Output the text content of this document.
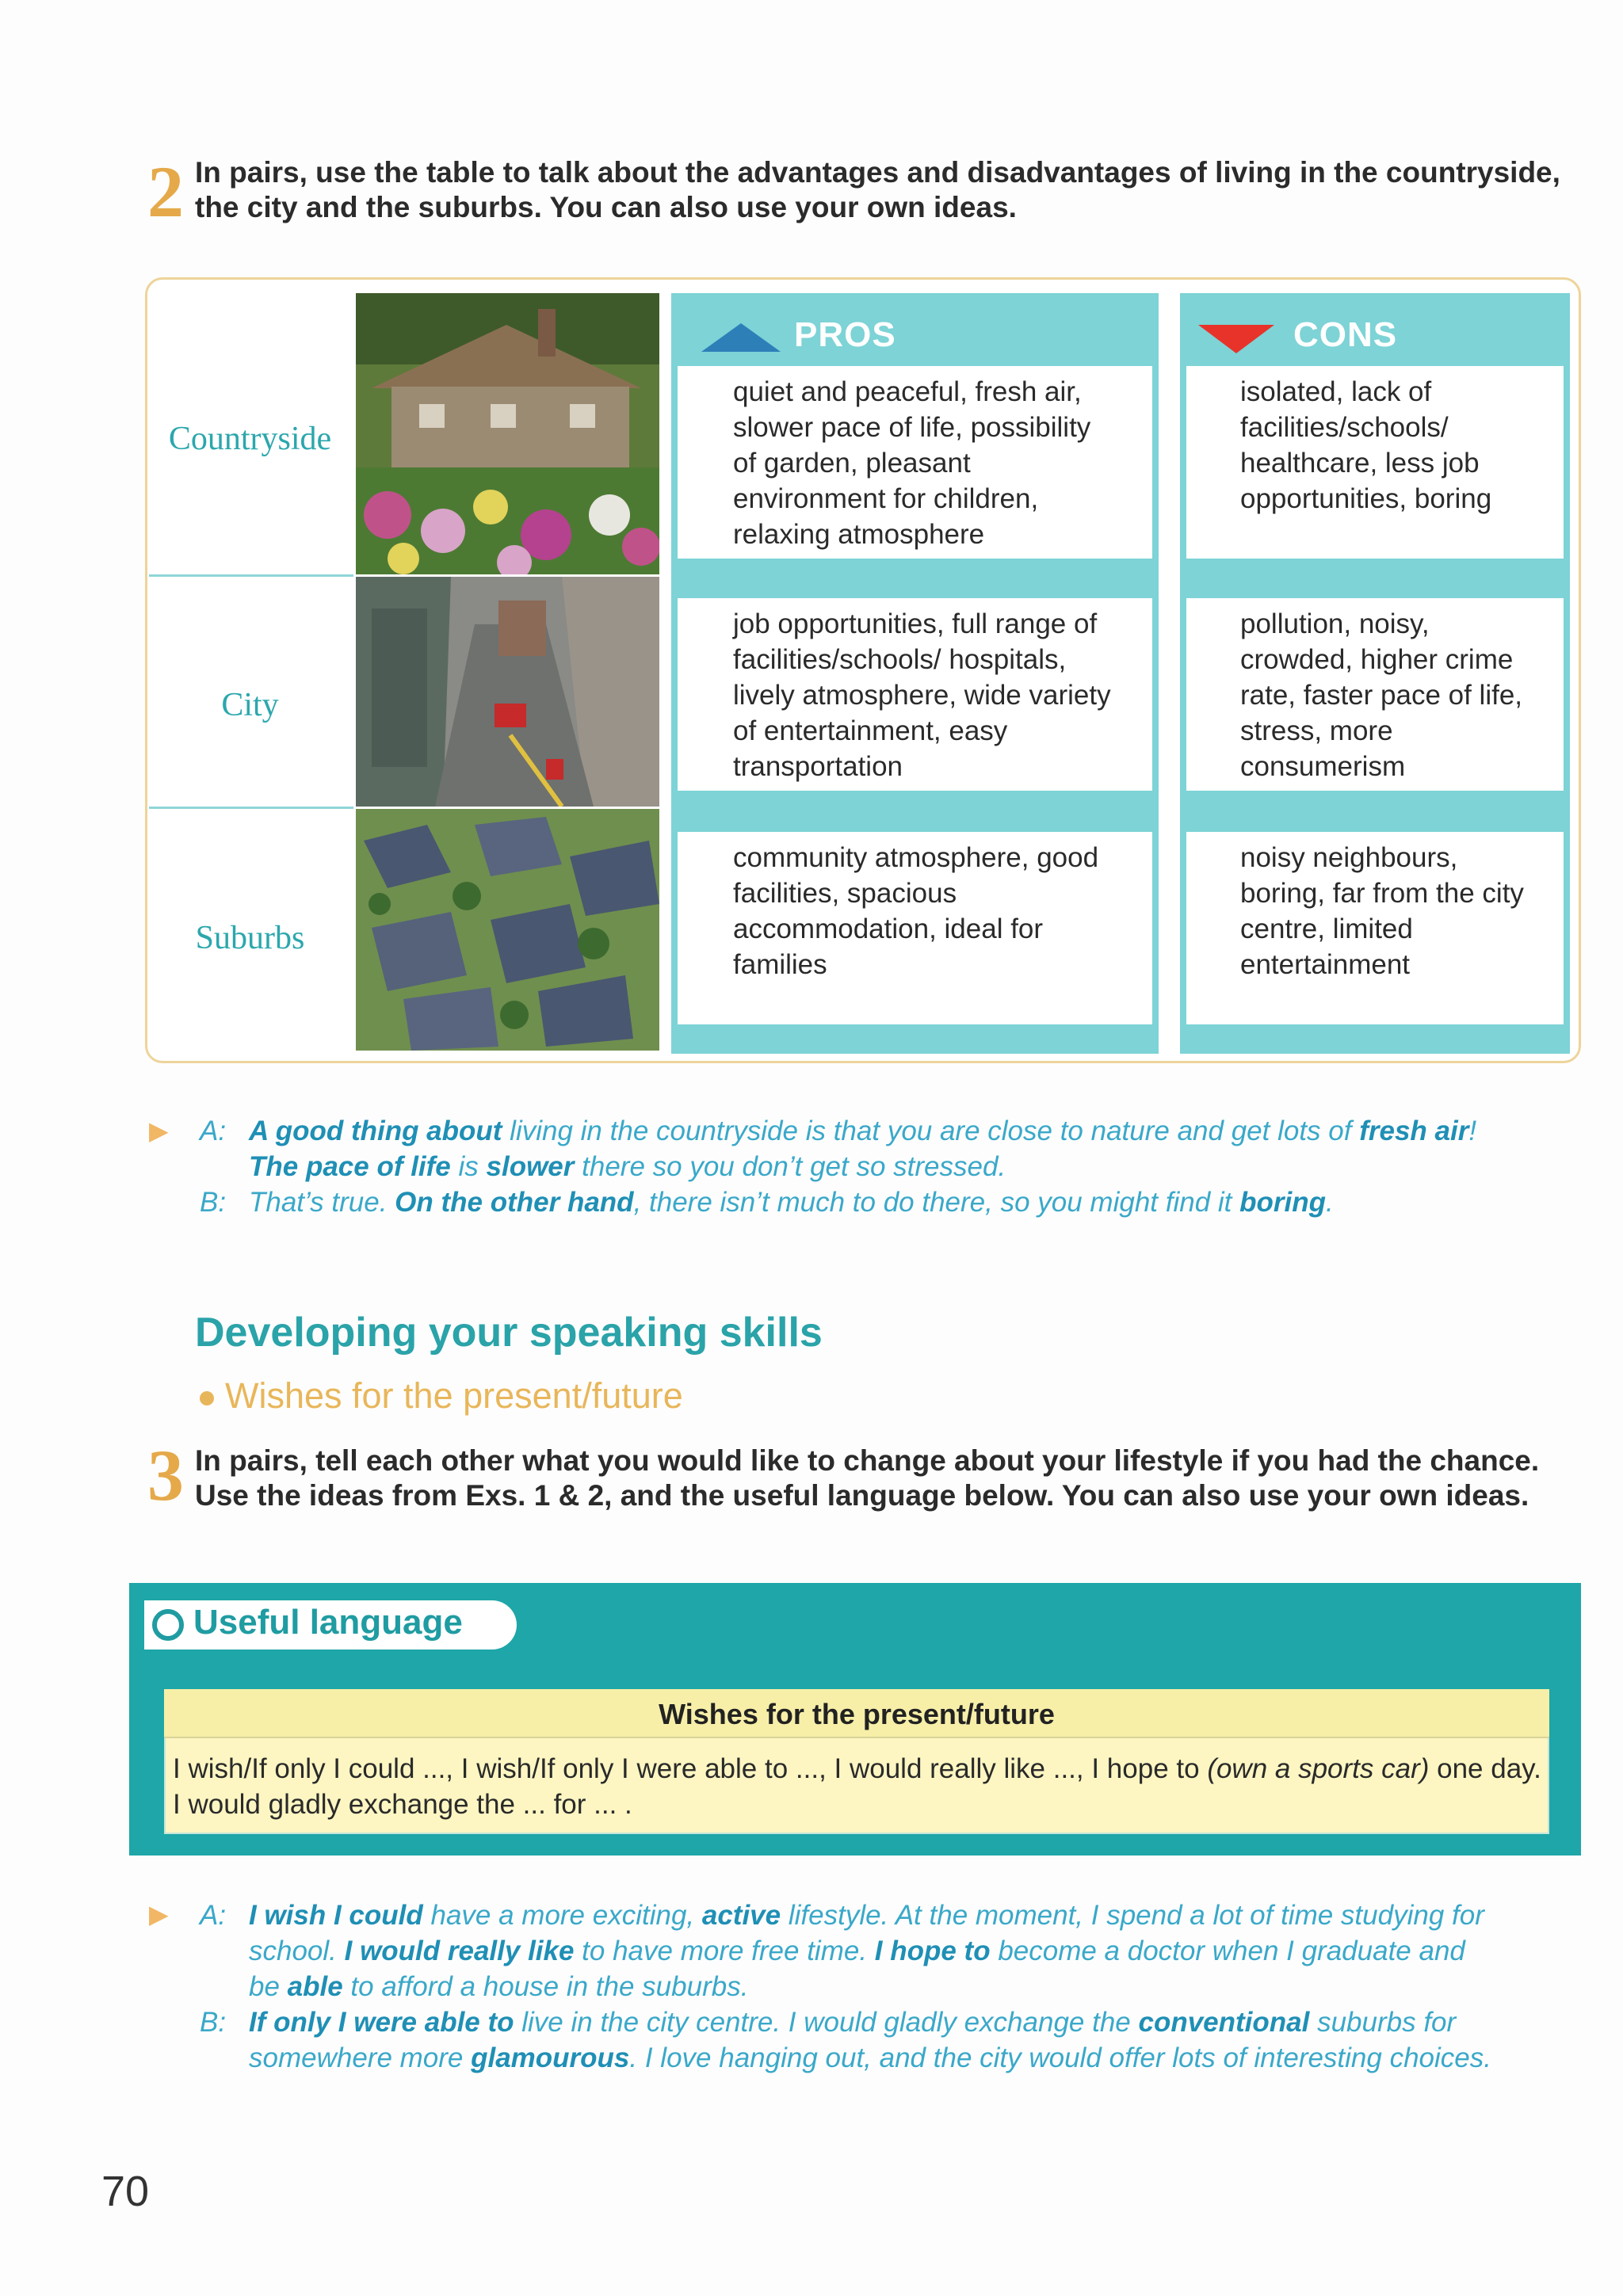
2 In pairs, use the table to talk about the advantages and disadvantages of living in the countryside,
the city and the suburbs. You can also use your own ideas.
Countryside
City
Suburbs
PROS
quiet and peaceful, fresh air,
slower pace of life, possibility
of garden, pleasant
environment for children,
relaxing atmosphere
job opportunities, full range of
facilities/schools/ hospitals,
lively atmosphere, wide variety
of entertainment, easy
transportation
community atmosphere, good
facilities, spacious
accommodation, ideal for
families
CONS
isolated, lack of
facilities/schools/
healthcare, less job
opportunities, boring
pollution, noisy,
crowded, higher crime
rate, faster pace of life,
stress, more
consumerism
noisy neighbours,
boring, far from the city
centre, limited
entertainment
▶ A: A good thing about living in the countryside is that you are close to nature and get lots of fresh air!
The pace of life is slower there so you don’t get so stressed.
B: That’s true. On the other hand, there isn’t much to do there, so you might find it boring.
Developing your speaking skills
Wishes for the present/future
3 In pairs, tell each other what you would like to change about your lifestyle if you had the chance.
Use the ideas from Exs. 1 & 2, and the useful language below. You can also use your own ideas.
Useful language
Wishes for the present/future
I wish/If only I could ..., I wish/If only I were able to ..., I would really like ..., I hope to (own a sports car) one day.
I would gladly exchange the ... for ... .
▶ A: I wish I could have a more exciting, active lifestyle. At the moment, I spend a lot of time studying for
school. I would really like to have more free time. I hope to become a doctor when I graduate and
be able to afford a house in the suburbs.
B: If only I were able to live in the city centre. I would gladly exchange the conventional suburbs for
somewhere more glamourous. I love hanging out, and the city would offer lots of interesting choices.
70
